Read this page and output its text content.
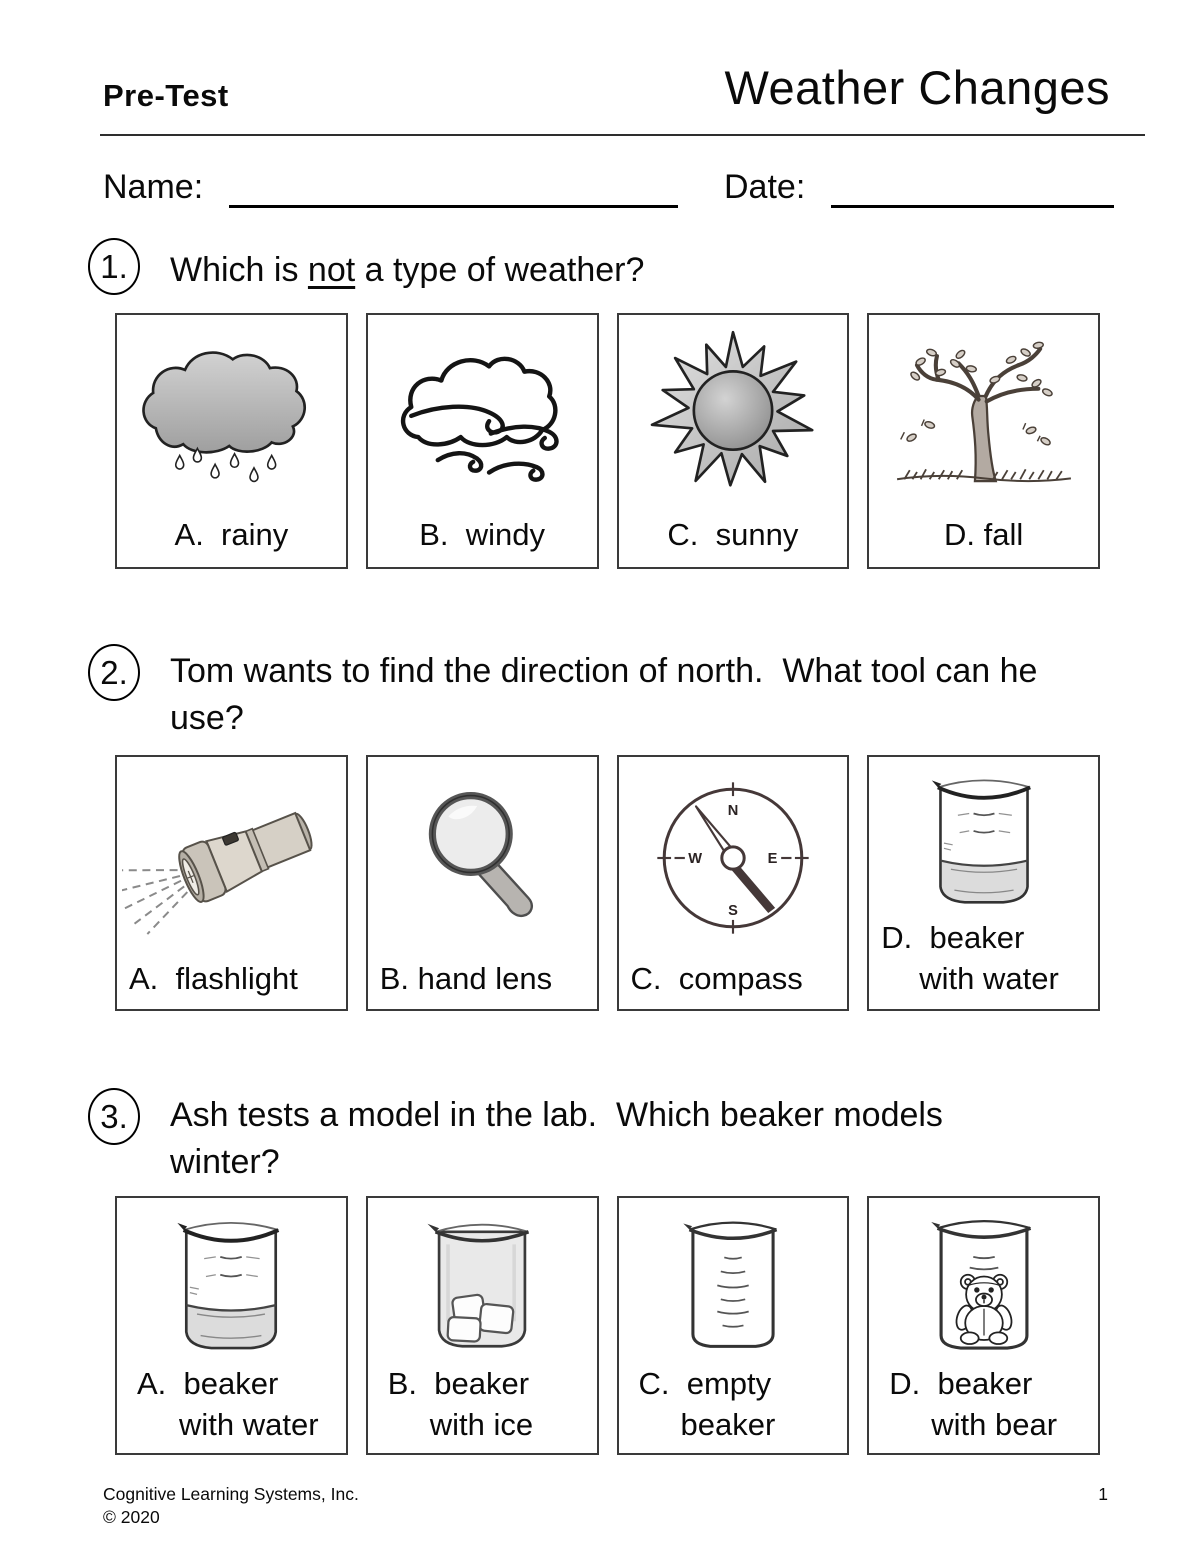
Pre-Test	Weather Changes
Name:	Date:
1.	Which is not a type of weather?
A.  rainy	B.  windy	C.  sunny	D. fall
2.	Tom wants to find the direction of north.  What tool can he
use?
A.  flashlight	B. hand lens
N
W	E
S
C.  compass
D.  beaker
with water
3.	Ash tests a model in the lab.  Which beaker models
winter?
A.  beaker
with water
B.  beaker
with ice
C.  empty
beaker
D.  beaker
with bear
Cognitive Learning Systems, Inc.
© 2020
1
